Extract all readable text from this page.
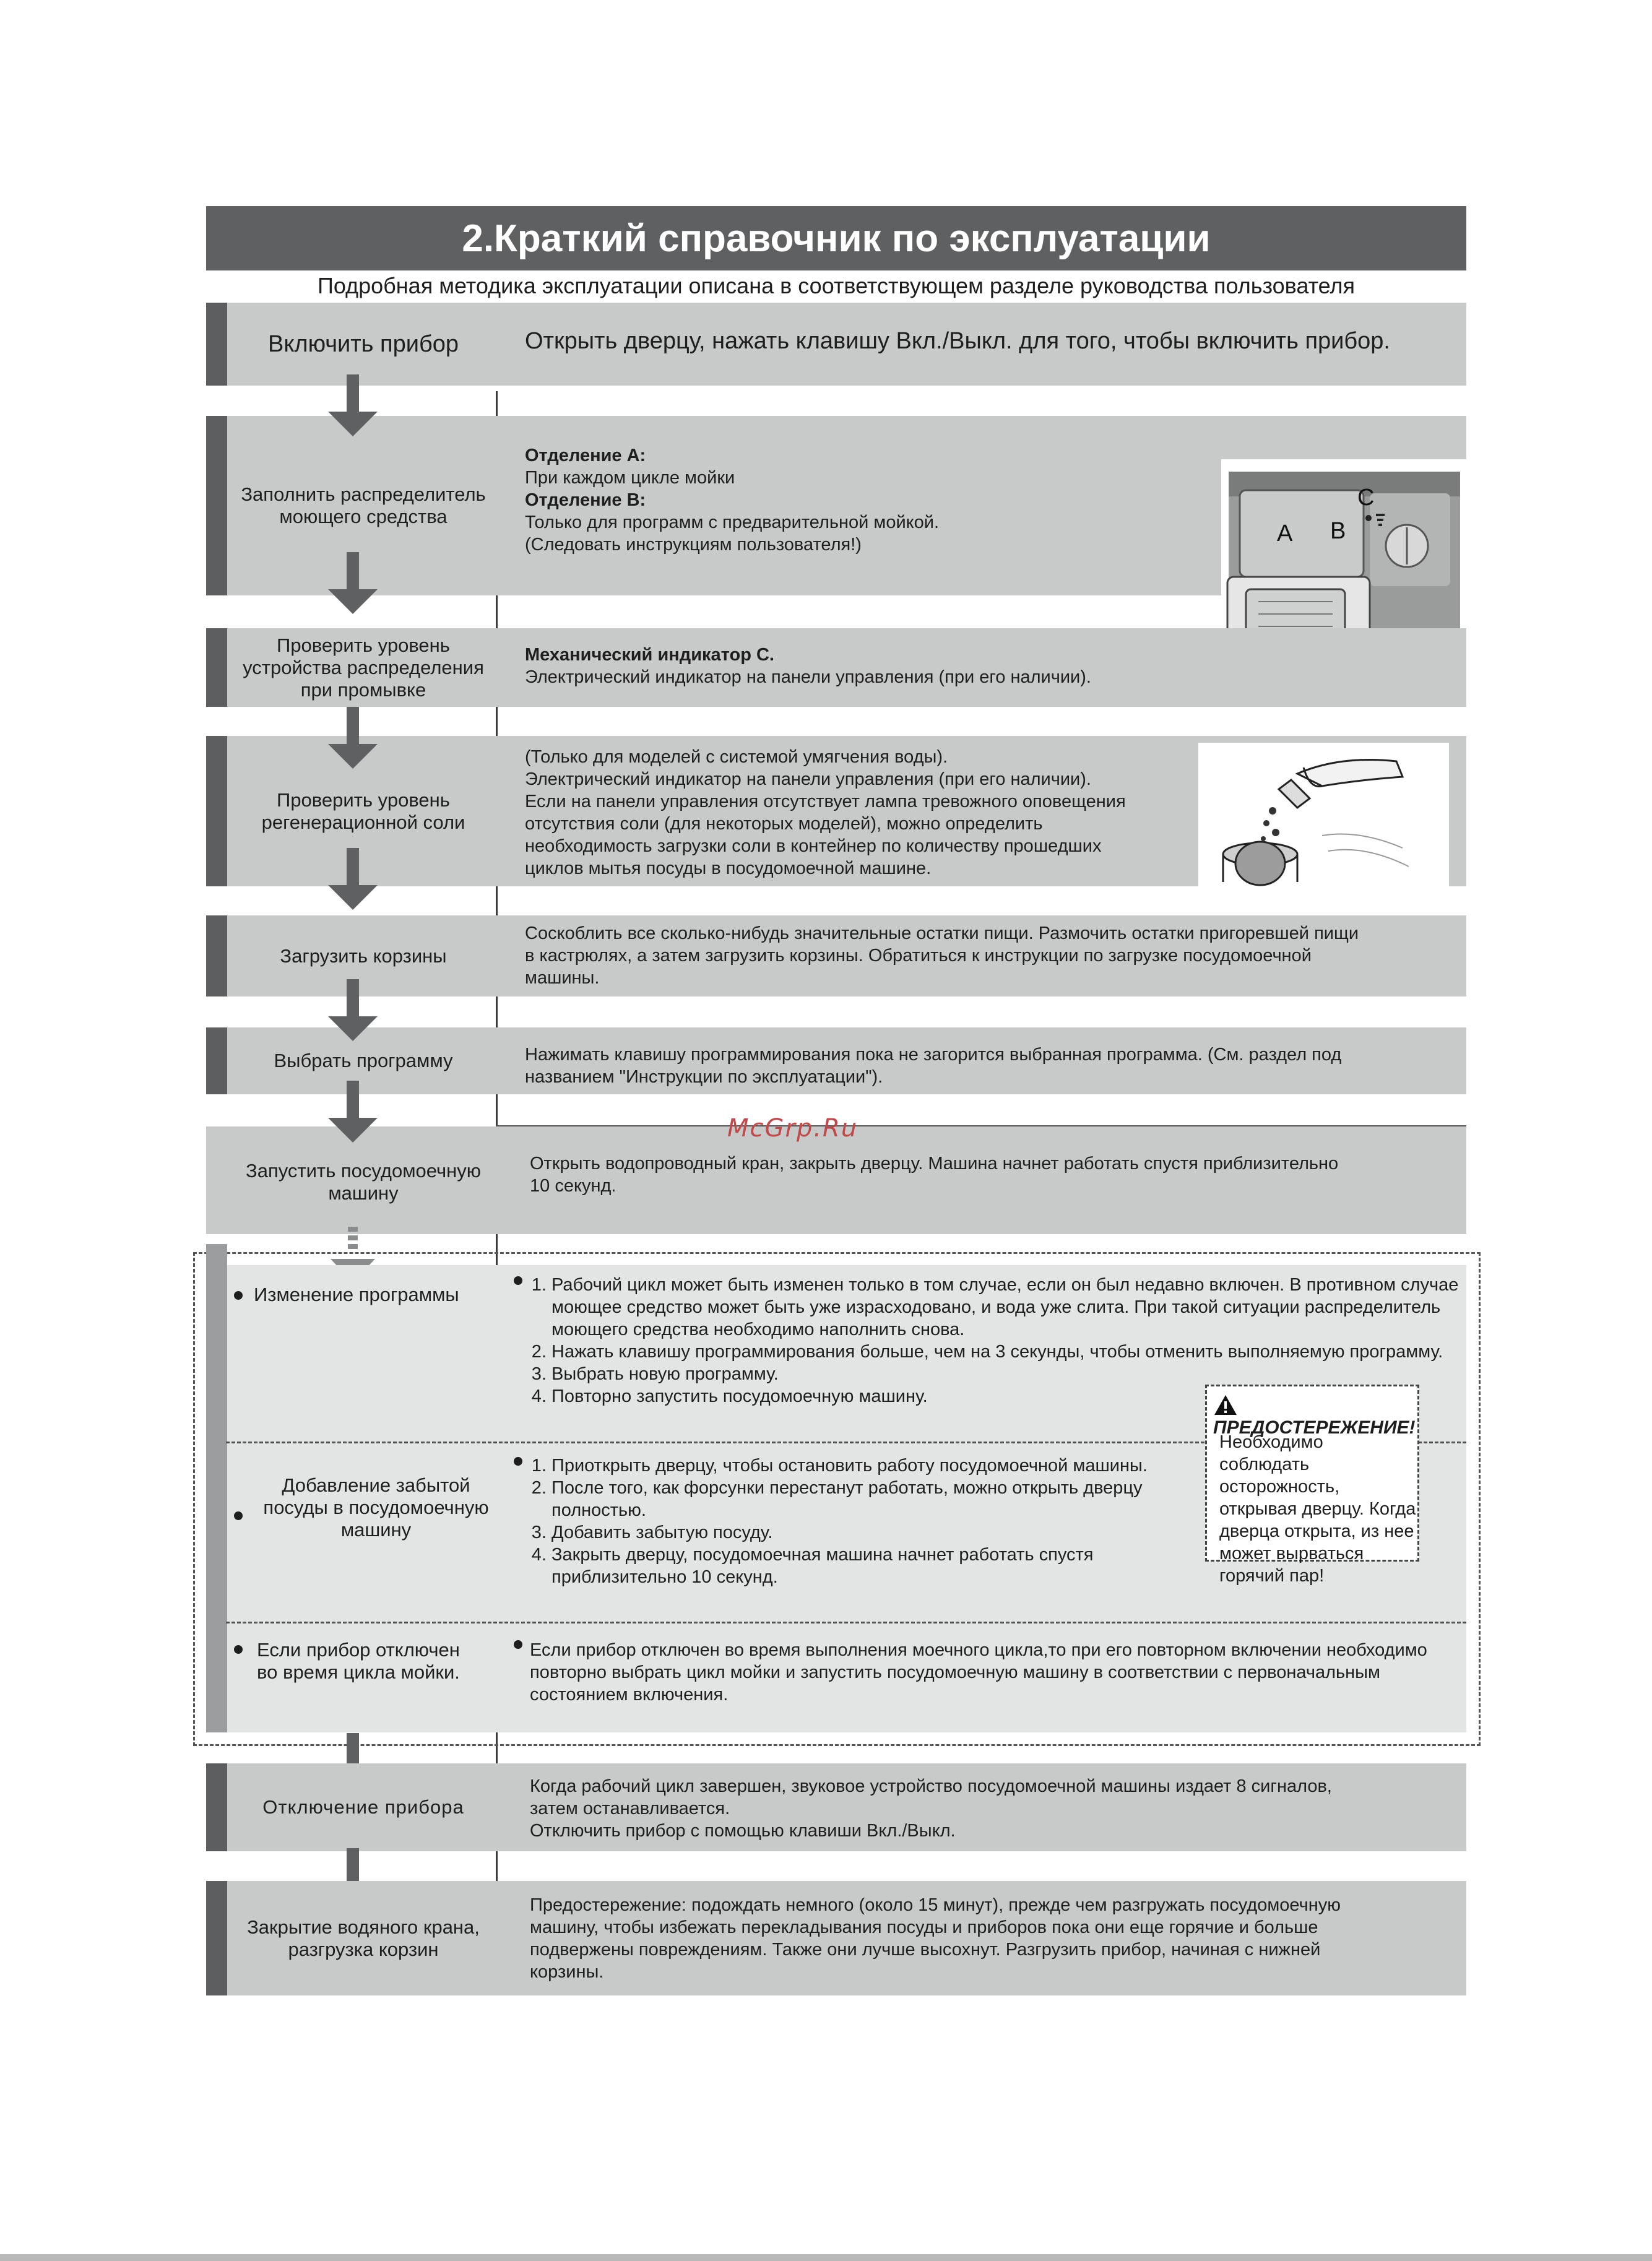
2.Краткий справочник по эксплуатации
Подробная методика эксплуатации описана в соответствующем разделе руководства пользователя
Включить прибор	Открыть дверцу, нажать клавишу Вкл./Выкл. для того, чтобы включить прибор.
Заполнить распределитель моющего средства
Отделение А:
При каждом цикле мойки
Отделение В:
Только для программ с предварительной мойкой.
(Следовать инструкциям пользователя!)	A B
C
Проверить уровень устройства распределения при промывке
Механический индикатор С.
Электрический индикатор на панели управления (при его наличии).
Проверить уровень регенерационной соли
(Только для моделей с системой умягчения воды).
Электрический индикатор на панели управления (при его наличии).
Если на панели управления отсутствует лампа тревожного оповещения
отсутствия соли (для некоторых моделей), можно определить
необходимость загрузки соли в контейнер по количеству прошедших
циклов мытья посуды в посудомоечной машине.
Загрузить корзины
Соскоблить все сколько-нибудь значительные остатки пищи. Размочить остатки пригоревшей пищи
в кастрюлях, а затем загрузить корзины. Обратиться к инструкции по загрузке посудомоечной
машины.
Выбрать программу	Нажимать клавишу программирования пока не загорится выбранная программа. (См. раздел под
названием "Инструкции по эксплуатации").
Запустить посудомоечную машину
Открыть водопроводный кран, закрыть дверцу. Машина начнет работать спустя приблизительно
10 секунд.
McGrp.Ru
Изменение программы
1.	Рабочий цикл может быть изменен только в том случае, если он был недавно включен. В противном случае моющее средство может быть уже израсходовано, и вода уже слита. При такой ситуации распределитель моющего средства необходимо наполнить снова.
2. Нажать клавишу программирования больше, чем на 3 секунды, чтобы отменить выполняемую программу.
3. Выбрать новую программу.
4. Повторно запустить посудомоечную машину.
Добавление забытой посуды в посудомоечную машину
1. Приоткрыть дверцу, чтобы остановить работу посудомоечной машины.
2. После того, как форсунки перестанут работать, можно открыть дверцу полностью.
3. Добавить забытую посуду.
4. Закрыть дверцу, посудомоечная машина начнет работать спустя приблизительно 10 секунд.
Если прибор отключен во время цикла мойки.
Если прибор отключен во время выполнения моечного цикла,то при его повторном включении необходимо повторно выбрать цикл мойки и запустить посудомоечную машину в соответствии с первоначальным состоянием включения.
ПРЕДОСТЕРЕЖЕНИЕ!
Необходимо соблюдать осторожность, открывая дверцу. Когда дверца открыта, из нее может вырваться горячий пар!
Отключение прибора
Когда рабочий цикл завершен, звуковое устройство посудомоечной машины издает 8 сигналов,
затем останавливается.
Отключить прибор с помощью клавиши Вкл./Выкл.
Закрытие водяного крана, разгрузка корзин
Предостережение: подождать немного (около 15 минут), прежде чем разгружать посудомоечную
машину, чтобы избежать перекладывания посуды и приборов пока они еще горячие и больше
подвержены повреждениям. Также они лучше высохнут. Разгрузить прибор, начиная с нижней
корзины.
